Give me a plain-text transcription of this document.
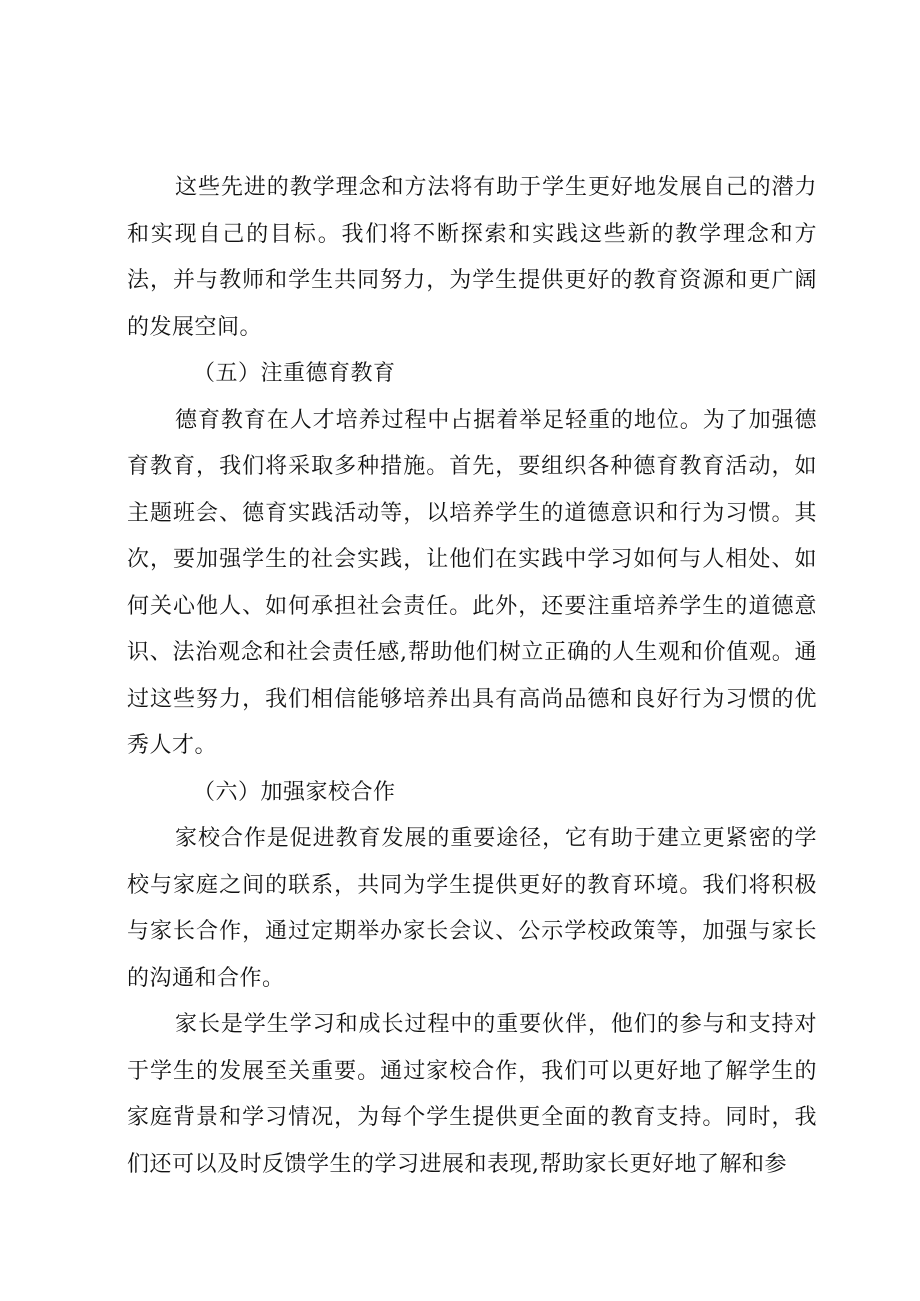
这些先进的教学理念和方法将有助于学生更好地发展自己的潜力和实现自己的目标。我们将不断探索和实践这些新的教学理念和方法，并与教师和学生共同努力，为学生提供更好的教育资源和更广阔的发展空间。

（五）注重德育教育

德育教育在人才培养过程中占据着举足轻重的地位。为了加强德育教育，我们将采取多种措施。首先，要组织各种德育教育活动，如主题班会、德育实践活动等，以培养学生的道德意识和行为习惯。其次，要加强学生的社会实践，让他们在实践中学习如何与人相处、如何关心他人、如何承担社会责任。此外，还要注重培养学生的道德意识、法治观念和社会责任感,帮助他们树立正确的人生观和价值观。通过这些努力，我们相信能够培养出具有高尚品德和良好行为习惯的优秀人才。

（六）加强家校合作

家校合作是促进教育发展的重要途径，它有助于建立更紧密的学校与家庭之间的联系，共同为学生提供更好的教育环境。我们将积极与家长合作，通过定期举办家长会议、公示学校政策等，加强与家长的沟通和合作。

家长是学生学习和成长过程中的重要伙伴，他们的参与和支持对于学生的发展至关重要。通过家校合作，我们可以更好地了解学生的家庭背景和学习情况，为每个学生提供更全面的教育支持。同时，我们还可以及时反馈学生的学习进展和表现,帮助家长更好地了解和参
